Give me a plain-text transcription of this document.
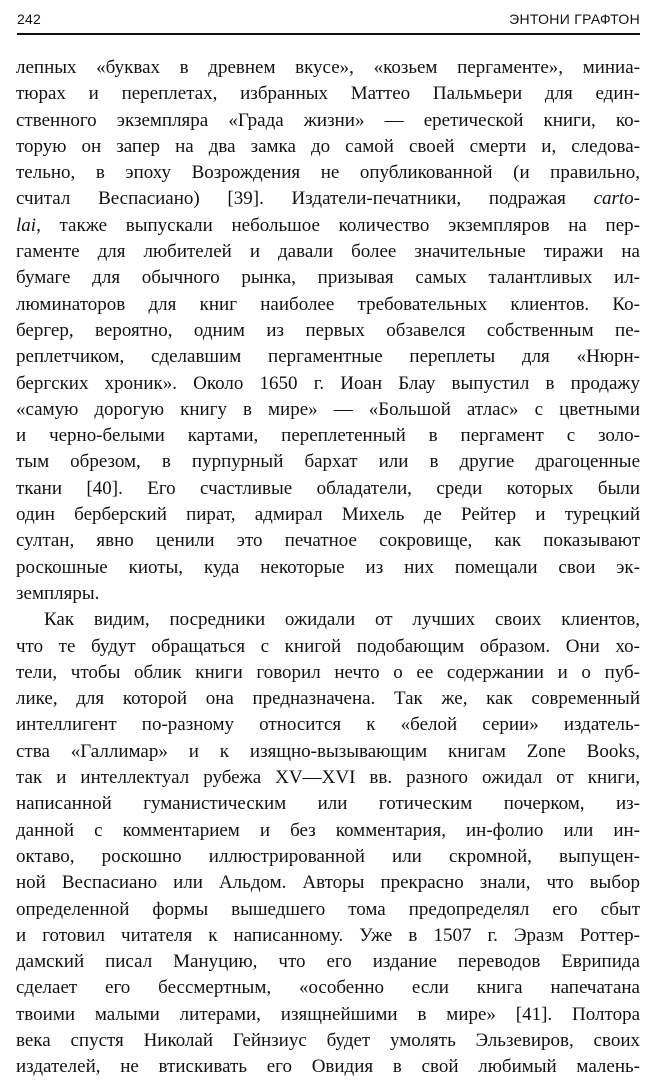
242	ЭНТОНИ ГРАФТОН
лепных «буквах в древнем вкусе», «козьем пергаменте», миниа-
тюрах и переплетах, избранных Маттео Пальмьери для един-
ственного экземпляра «Града жизни» — еретической книги, ко-
торую он запер на два замка до самой своей смерти и, следова-
тельно, в эпоху Возрождения не опубликованной (и правильно,
считал Веспасиано) [39]. Издатели-печатники, подражая carto-
lai, также выпускали небольшое количество экземпляров на пер-
гаменте для любителей и давали более значительные тиражи на
бумаге для обычного рынка, призывая самых талантливых ил-
люминаторов для книг наиболее требовательных клиентов. Ко-
бергер, вероятно, одним из первых обзавелся собственным пе-
реплетчиком, сделавшим пергаментные переплеты для «Нюрн-
бергских хроник». Около 1650 г. Иоан Блау выпустил в продажу
«самую дорогую книгу в мире» — «Большой атлас» с цветными
и черно-белыми картами, переплетенный в пергамент с золо-
тым обрезом, в пурпурный бархат или в другие драгоценные
ткани [40]. Его счастливые обладатели, среди которых были
один берберский пират, адмирал Михель де Рейтер и турецкий
султан, явно ценили это печатное сокровище, как показывают
роскошные киоты, куда некоторые из них помещали свои эк-
земпляры.
Как видим, посредники ожидали от лучших своих клиентов,
что те будут обращаться с книгой подобающим образом. Они хо-
тели, чтобы облик книги говорил нечто о ее содержании и о пуб-
лике, для которой она предназначена. Так же, как современный
интеллигент по-разному относится к «белой серии» издатель-
ства «Галлимар» и к изящно-вызывающим книгам Zone Books,
так и интеллектуал рубежа XV—XVI вв. разного ожидал от книги,
написанной гуманистическим или готическим почерком, из-
данной с комментарием и без комментария, ин-фолио или ин-
октаво, роскошно иллюстрированной или скромной, выпущен-
ной Веспасиано или Альдом. Авторы прекрасно знали, что выбор
определенной формы вышедшего тома предопределял его сбыт
и готовил читателя к написанному. Уже в 1507 г. Эразм Роттер-
дамский писал Мануцию, что его издание переводов Еврипида
сделает его бессмертным, «особенно если книга напечатана
твоими малыми литерами, изящнейшими в мире» [41]. Полтора
века спустя Николай Гейнзиус будет умолять Эльзевиров, своих
издателей, не втискивать его Овидия в свой любимый малень-
